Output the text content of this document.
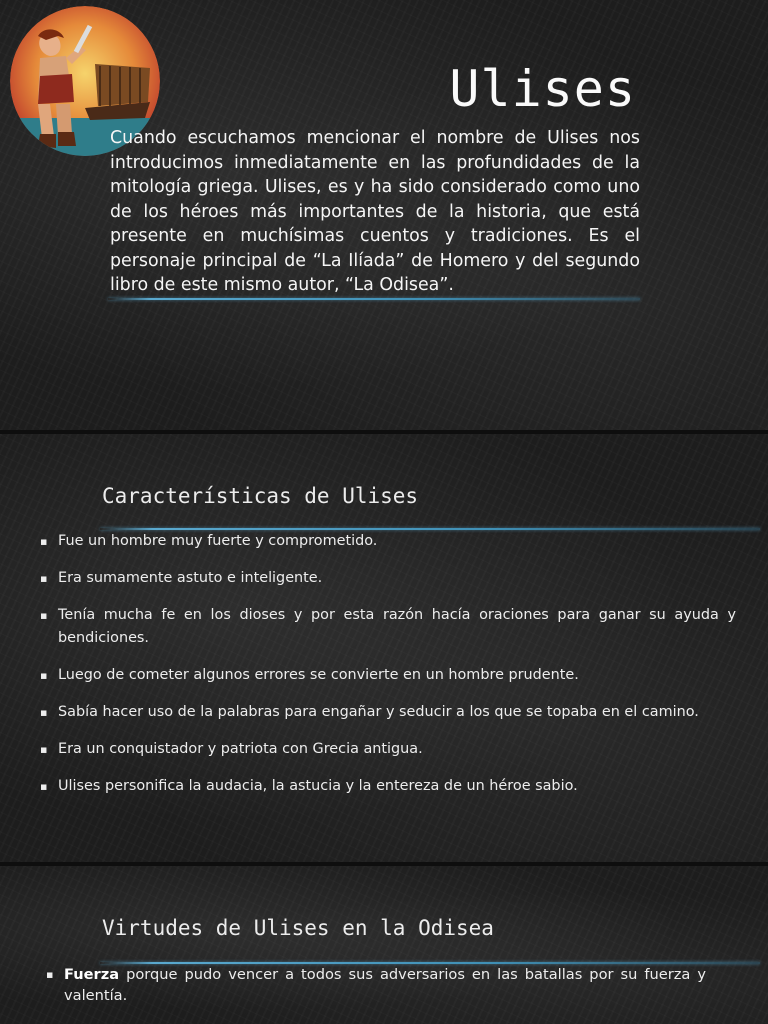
Ulises
Cuando escuchamos mencionar el nombre de Ulises nos introducimos inmediatamente en las profundidades de la mitología griega. Ulises, es y ha sido considerado como uno de los héroes más importantes de la historia, que está presente en muchísimas cuentos y tradiciones. Es el personaje principal de “La Ilíada” de Homero y del segundo libro de este mismo autor, “La Odisea”.
Características de Ulises
▪ Fue un hombre muy fuerte y comprometido.
▪ Era sumamente astuto e inteligente.
▪ Tenía mucha fe en los dioses y por esta razón hacía oraciones para ganar su ayuda y bendiciones.
▪ Luego de cometer algunos errores se convierte en un hombre prudente.
▪ Sabía hacer uso de la palabras para engañar y seducir a los que se topaba en el camino.
▪ Era un conquistador y patriota con Grecia antigua.
▪ Ulises personifica la audacia, la astucia y la entereza de un héroe sabio.
Virtudes de Ulises en la Odisea
▪ Fuerza porque pudo vencer a todos sus adversarios en las batallas por su fuerza y valentía.
